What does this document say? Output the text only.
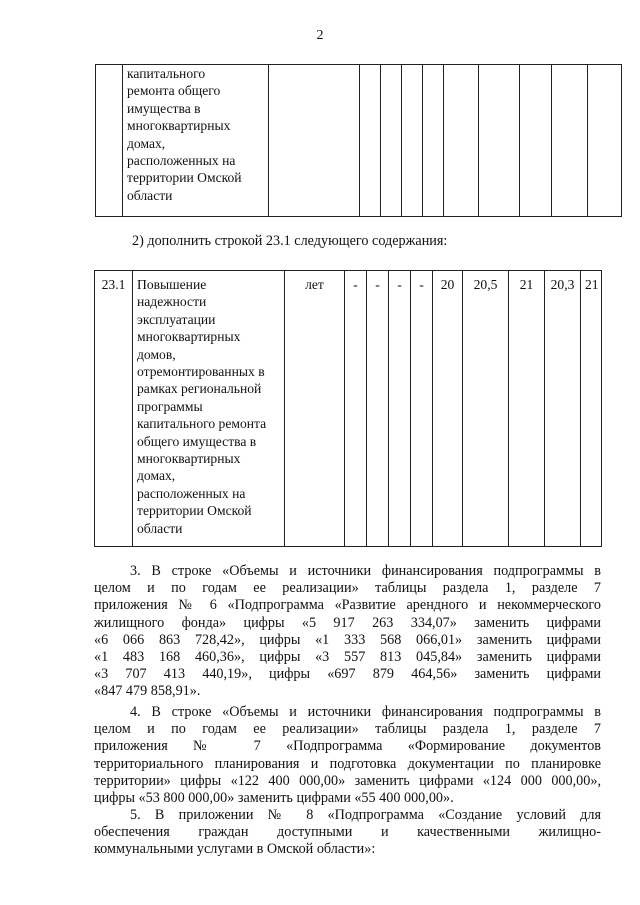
2

капитального
ремонта общего
имущества в
многоквартирных
домах,
расположенных на
территории Омской
области

2) дополнить строкой 23.1 следующего содержания:
23.1	Повышение
надежности
эксплуатации
многоквартирных
домов,
отремонтированных в
рамках региональной
программы
капитального ремонта
общего имущества в
многоквартирных
домах,
расположенных на
территории Омской
области
	лет	-	-	-	-	20	20,5	21	20,3	21

3. В строке «Объемы и источники финансирования подпрограммы в
целом и по годам ее реализации» таблицы раздела 1, разделе 7
приложения № 6 «Подпрограмма «Развитие арендного и некоммерческого
жилищного фонда» цифры «5 917 263 334,07» заменить цифрами
«6 066 863 728,42», цифры «1 333 568 066,01» заменить цифрами
«1 483 168 460,36», цифры «3 557 813 045,84» заменить цифрами
«3 707 413 440,19», цифры «697 879 464,56» заменить цифрами
«847 479 858,91».

4. В строке «Объемы и источники финансирования подпрограммы в
целом и по годам ее реализации» таблицы раздела 1, разделе 7
приложения № 7 «Подпрограмма «Формирование документов
территориального планирования и подготовка документации по планировке
территории» цифры «122 400 000,00» заменить цифрами «124 000 000,00»,
цифры «53 800 000,00» заменить цифрами «55 400 000,00».

5. В приложении № 8 «Подпрограмма «Создание условий для
обеспечения граждан доступными и качественными жилищно-
коммунальными услугами в Омской области»:
